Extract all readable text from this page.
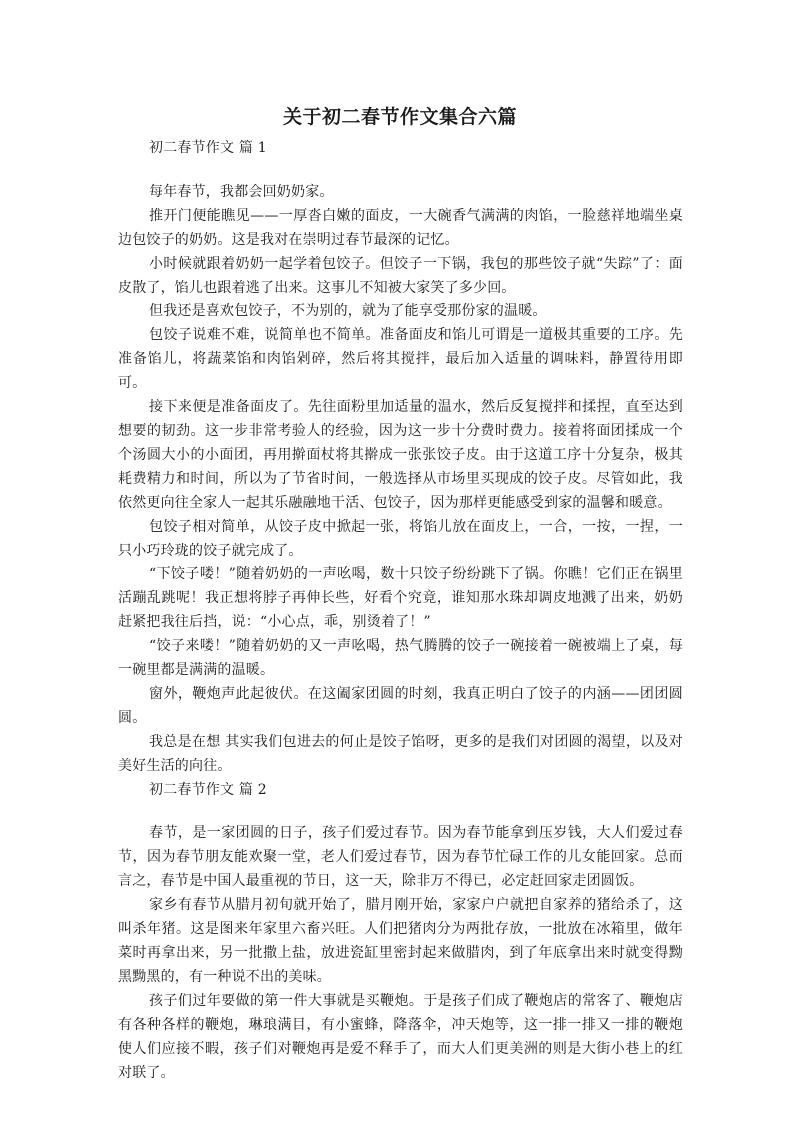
关于初二春节作文集合六篇

初二春节作文 篇 1

每年春节，我都会回奶奶家。

推开门便能瞧见——一厚沓白嫩的面皮，一大碗香气满满的肉馅，一脸慈祥地端坐桌边包饺子的奶奶。这是我对在崇明过春节最深的记忆。

小时候就跟着奶奶一起学着包饺子。但饺子一下锅，我包的那些饺子就“失踪”了：面皮散了，馅儿也跟着逃了出来。这事儿不知被大家笑了多少回。

但我还是喜欢包饺子，不为别的，就为了能享受那份家的温暖。

包饺子说难不难，说简单也不简单。准备面皮和馅儿可谓是一道极其重要的工序。先准备馅儿，将蔬菜馅和肉馅剁碎，然后将其搅拌，最后加入适量的调味料，静置待用即可。

接下来便是准备面皮了。先往面粉里加适量的温水，然后反复搅拌和揉捏，直至达到想要的韧劲。这一步非常考验人的经验，因为这一步十分费时费力。接着将面团揉成一个个汤圆大小的小面团，再用擀面杖将其擀成一张张饺子皮。由于这道工序十分复杂，极其耗费精力和时间，所以为了节省时间，一般选择从市场里买现成的饺子皮。尽管如此，我依然更向往全家人一起其乐融融地干活、包饺子，因为那样更能感受到家的温馨和暖意。

包饺子相对简单，从饺子皮中掀起一张，将馅儿放在面皮上，一合，一按，一捏，一只小巧玲珑的饺子就完成了。

“下饺子喽！”随着奶奶的一声吆喝，数十只饺子纷纷跳下了锅。你瞧！它们正在锅里活蹦乱跳呢！我正想将脖子再伸长些，好看个究竟，谁知那水珠却调皮地溅了出来，奶奶赶紧把我往后挡，说：“小心点，乖，别烫着了！”

“饺子来喽！”随着奶奶的又一声吆喝，热气腾腾的饺子一碗接着一碗被端上了桌，每一碗里都是满满的温暖。

窗外，鞭炮声此起彼伏。在这阖家团圆的时刻，我真正明白了饺子的内涵——团团圆圆。

我总是在想 其实我们包进去的何止是饺子馅呀，更多的是我们对团圆的渴望，以及对美好生活的向往。

初二春节作文 篇 2

春节，是一家团圆的日子，孩子们爱过春节。因为春节能拿到压岁钱，大人们爱过春节，因为春节朋友能欢聚一堂，老人们爱过春节，因为春节忙碌工作的儿女能回家。总而言之，春节是中国人最重视的节日，这一天，除非万不得已，必定赶回家走团圆饭。

家乡有春节从腊月初旬就开始了，腊月刚开始，家家户户就把自家养的猪给杀了，这叫杀年猪。这是图来年家里六畜兴旺。人们把猪肉分为两批存放，一批放在冰箱里，做年菜时再拿出来，另一批撒上盐，放进瓷缸里密封起来做腊肉，到了年底拿出来时就变得黝黑黝黑的，有一种说不出的美味。

孩子们过年要做的第一件大事就是买鞭炮。于是孩子们成了鞭炮店的常客了、鞭炮店有各种各样的鞭炮，琳琅满目，有小蜜蜂，降落伞，冲天炮等，这一排一排又一排的鞭炮使人们应接不暇，孩子们对鞭炮再是爱不释手了，而大人们更美洲的则是大街小巷上的红对联了。
